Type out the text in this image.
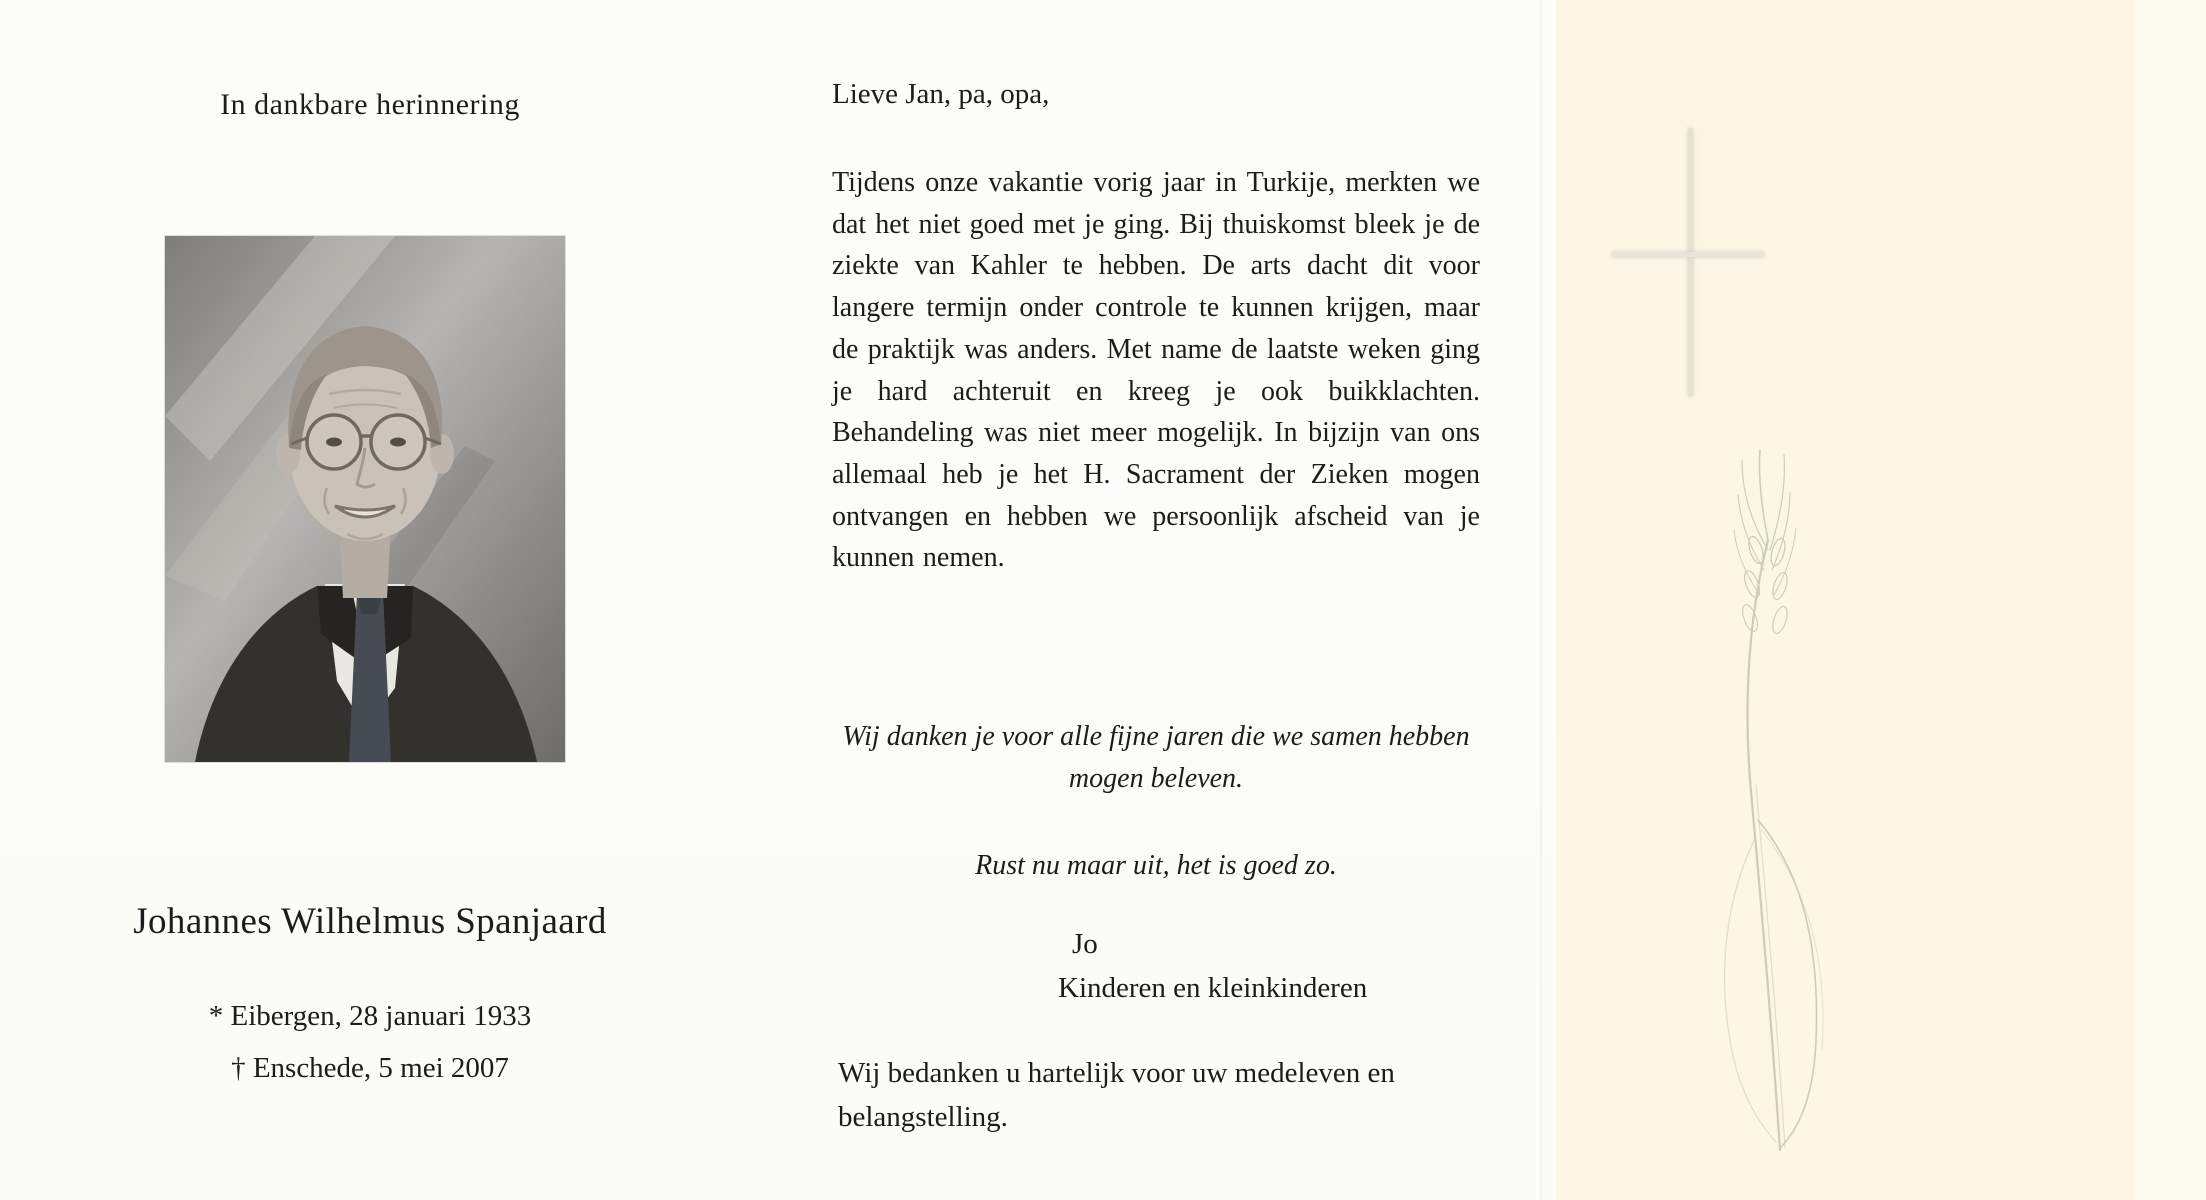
In dankbare herinnering
Johannes Wilhelmus Spanjaard
* Eibergen, 28 januari 1933
† Enschede, 5 mei 2007
Lieve Jan, pa, opa,
Tijdens onze vakantie vorig jaar in Turkije, merkten we dat het niet goed met je ging. Bij thuiskomst bleek je de ziekte van Kahler te hebben. De arts dacht dit voor langere termijn onder controle te kunnen krijgen, maar de praktijk was anders. Met name de laatste weken ging je hard achteruit en kreeg je ook buikklachten. Behandeling was niet meer mogelijk. In bijzijn van ons allemaal heb je het H. Sacrament der Zieken mogen ontvangen en hebben we persoonlijk afscheid van je kunnen nemen.
Wij danken je voor alle fijne jaren die we samen hebben mogen beleven.
Rust nu maar uit, het is goed zo.
Jo
Kinderen en kleinkinderen
Wij bedanken u hartelijk voor uw medeleven en belangstelling.
